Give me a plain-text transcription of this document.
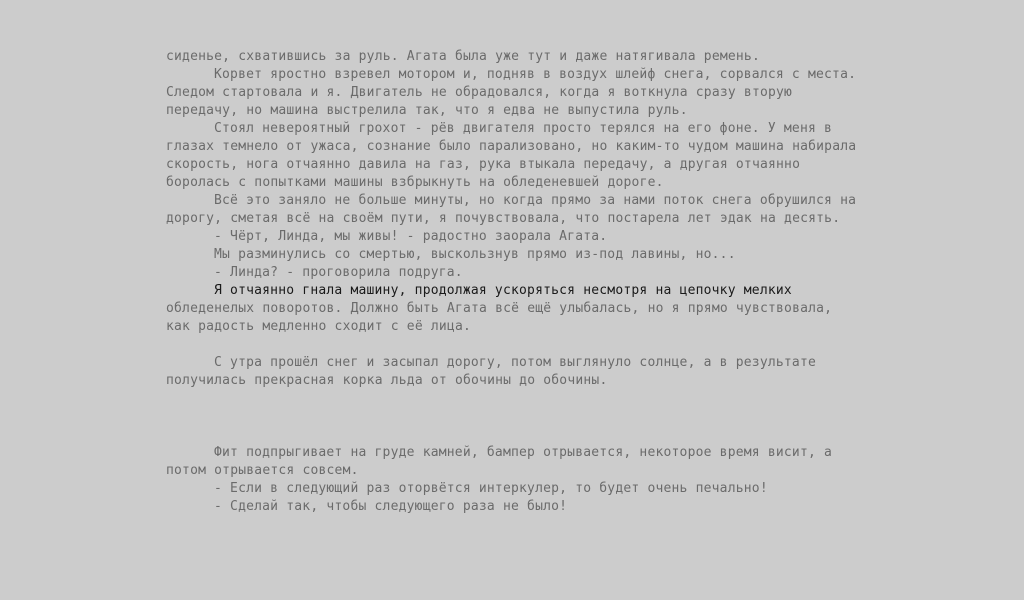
сиденье, схватившись за руль. Агата была уже тут и даже натягивала ремень.
Корвет яростно взревел мотором и, подняв в воздух шлейф снега, сорвался с места.
Следом стартовала и я. Двигатель не обрадовался, когда я воткнула сразу вторую
передачу, но машина выстрелила так, что я едва не выпустила руль.
Стоял невероятный грохот - рёв двигателя просто терялся на его фоне. У меня в
глазах темнело от ужаса, сознание было парализовано, но каким-то чудом машина набирала
скорость, нога отчаянно давила на газ, рука втыкала передачу, а другая отчаянно
боролась с попытками машины взбрыкнуть на обледеневшей дороге.
Всё это заняло не больше минуты, но когда прямо за нами поток снега обрушился на
дорогу, сметая всё на своём пути, я почувствовала, что постарела лет эдак на десять.
- Чёрт, Линда, мы живы! - радостно заорала Агата.
Мы разминулись со смертью, выскользнув прямо из-под лавины, но...
- Линда? - проговорила подруга.
Я отчаянно гнала машину, продолжая ускоряться несмотря на цепочку мелких
обледенелых поворотов. Должно быть Агата всё ещё улыбалась, но я прямо чувствовала,
как радость медленно сходит с её лица.
С утра прошёл снег и засыпал дорогу, потом выглянуло солнце, а в результате
получилась прекрасная корка льда от обочины до обочины.
Фит подпрыгивает на груде камней, бампер отрывается, некоторое время висит, а
потом отрывается совсем.
- Если в следующий раз оторвётся интеркулер, то будет очень печально!
- Сделай так, чтобы следующего раза не было!
